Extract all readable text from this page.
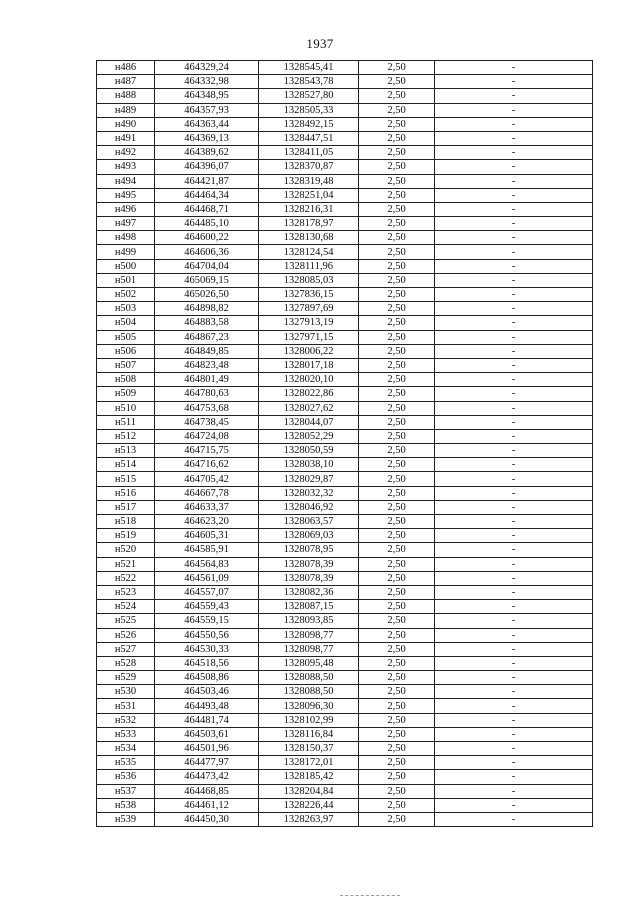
1937
н486	464329,24	1328545,41	2,50	-
н487	464332,98	1328543,78	2,50	-
н488	464348,95	1328527,80	2,50	-
н489	464357,93	1328505,33	2,50	-
н490	464363,44	1328492,15	2,50	-
н491	464369,13	1328447,51	2,50	-
н492	464389,62	1328411,05	2,50	-
н493	464396,07	1328370,87	2,50	-
н494	464421,87	1328319,48	2,50	-
н495	464464,34	1328251,04	2,50	-
н496	464468,71	1328216,31	2,50	-
н497	464485,10	1328178,97	2,50	-
н498	464600,22	1328130,68	2,50	-
н499	464606,36	1328124,54	2,50	-
н500	464704,04	1328111,96	2,50	-
н501	465069,15	1328085,03	2,50	-
н502	465026,50	1327836,15	2,50	-
н503	464898,82	1327897,69	2,50	-
н504	464883,58	1327913,19	2,50	-
н505	464867,23	1327971,15	2,50	-
н506	464849,85	1328006,22	2,50	-
н507	464823,48	1328017,18	2,50	-
н508	464801,49	1328020,10	2,50	-
н509	464780,63	1328022,86	2,50	-
н510	464753,68	1328027,62	2,50	-
н511	464738,45	1328044,07	2,50	-
н512	464724,08	1328052,29	2,50	-
н513	464715,75	1328050,59	2,50	-
н514	464716,62	1328038,10	2,50	-
н515	464705,42	1328029,87	2,50	-
н516	464667,78	1328032,32	2,50	-
н517	464633,37	1328046,92	2,50	-
н518	464623,20	1328063,57	2,50	-
н519	464605,31	1328069,03	2,50	-
н520	464585,91	1328078,95	2,50	-
н521	464564,83	1328078,39	2,50	-
н522	464561,09	1328078,39	2,50	-
н523	464557,07	1328082,36	2,50	-
н524	464559,43	1328087,15	2,50	-
н525	464559,15	1328093,85	2,50	-
н526	464550,56	1328098,77	2,50	-
н527	464530,33	1328098,77	2,50	-
н528	464518,56	1328095,48	2,50	-
н529	464508,86	1328088,50	2,50	-
н530	464503,46	1328088,50	2,50	-
н531	464493,48	1328096,30	2,50	-
н532	464481,74	1328102,99	2,50	-
н533	464503,61	1328116,84	2,50	-
н534	464501,96	1328150,37	2,50	-
н535	464477,97	1328172,01	2,50	-
н536	464473,42	1328185,42	2,50	-
н537	464468,85	1328204,84	2,50	-
н538	464461,12	1328226,44	2,50	-
н539	464450,30	1328263,97	2,50	-
